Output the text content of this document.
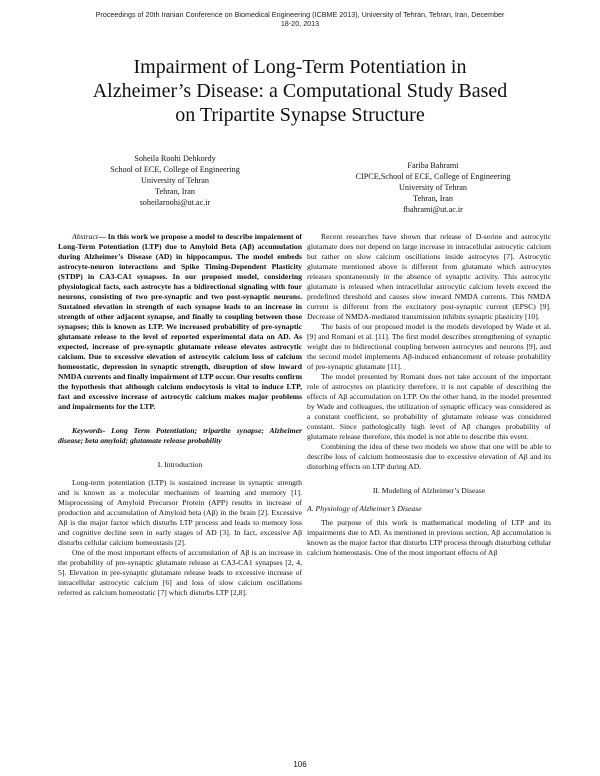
Proceedings of 20th Iranian Conference on Biomedical Engineering (ICBME 2013), University of Tehran, Tehran, Iran, December
18-20, 2013
Impairment of Long-Term Potentiation in
Alzheimer’s Disease: a Computational Study Based
on Tripartite Synapse Structure
Soheila Roohi Dehkordy
School of ECE, College of Engineering
University of Tehran
Tehran, Iran
soheilaroohi@ut.ac.ir
Fariba Bahrami
CIPCE,School of ECE, College of Engineering
University of Tehran
Tehran, Iran
fbahrami@ut.ac.ir

Abstract— In this work we propose a model to describe impairment of Long-Term Potentiation (LTP) due to Amyloid Beta (Aβ) accumulation during Alzheimer’s Disease (AD) in hippocampus. The model embeds astrocyte-neuron interactions and Spike Timing-Dependent Plasticity (STDP) in CA3-CA1 synapses. In our proposed model, considering physiological facts, each astrocyte has a bidirectional signaling with four neurons, consisting of two pre-synaptic and two post-synaptic neurons. Sustained elevation in strength of each synapse leads to an increase in strength of other adjacent synapse, and finally to coupling between those synapses; this is known as LTP. We increased probability of pre-synaptic glutamate release to the level of reported experimental data on AD. As expected, increase of pre-synaptic glutamate release elevates astrocytic calcium. Due to excessive elevation of astrocytic calcium loss of calcium homeostatic, depression in synaptic strength, disruption of slow inward NMDA currents and finally impairment of LTP occur. Our results confirm the hypothesis that although calcium endocytosis is vital to induce LTP, fast and excessive increase of astrocytic calcium makes major problems and impairments for the LTP.

Keywords- Long Term Potentiation; tripartite synapse; Alzheimer disease; beta amyloid; glutamate release probability

I. Introduction

Long-term potentiation (LTP) is sustained increase in synaptic strength and is known as a molecular mechanism of learning and memory [1]. Misprocessing of Amyloid Precursor Protein (APP) results in increase of production and accumulation of Amyloid beta (Aβ) in the brain [2]. Excessive Aβ is the major factor which disturbs LTP process and leads to memory loss and cognitive decline seen in early stages of AD [3]. In fact, excessive Aβ disturbs cellular calcium homeostasis [2].

One of the most important effects of accumulation of Aβ is an increase in the probability of pre-synaptic glutamate release at CA3-CA1 synapses [2, 4, 5]. Elevation in pre-synaptic glutamate release leads to excessive increase of intracellular astrocytic calcium [6] and loss of slow calcium oscillations referred as calcium homeostatic [7] which disturbs LTP [2,8].

Recent researches have shown that release of D-serine and astrocytic glutamate does not depend on large increase in intracellular astrocytic calcium but rather on slow calcium oscillations inside astrocytes [7]. Astrocytic glutamate mentioned above is different from glutamate which astrocytes releases spontaneously in the absence of synaptic activity. This astrocytic glutamate is released when intracellular astrocytic calcium levels exceed the predefined threshold and causes slow inward NMDA currents. This NMDA current is different from the excitatory post-synaptic current (EPSC) [9]. Decrease of NMDA-mediated transmission inhibits synaptic plasticity [10].

The basis of our proposed model is the models developed by Wade et al. [9] and Romani et al. [11]. The first model describes strengthening of synaptic weight due to bidirectional coupling between astrocytes and neurons [9], and the second model implements Aβ-induced enhancement of release probability of pre-synaptic glutamate [11].

The model presented by Romani does not take account of the important role of astrocytes on plasticity therefore, it is not capable of describing the effects of Aβ accumulation on LTP. On the other hand, in the model presented by Wade and colleagues, the utilization of synaptic efficacy was considered as a constant coefficient, so probability of glutamate release was considered constant. Since pathologically high level of Aβ changes probability of glutamate release therefore, this model is not able to describe this event.

Combining the idea of these two models we show that one will be able to describe loss of calcium homeostasis due to excessive elevation of Aβ and its disturbing effects on LTP during AD.

II. Modeling of Alzheimer’s Disease

A. Physiology of Alzheimer’s Disease

The purpose of this work is mathematical modeling of LTP and its impairments due to AD. As mentioned in previous section, Aβ accumulation is known as the major factor that disturbs LTP process through disturbing cellular calcium homeostasis. One of the most important effects of Aβ

106
